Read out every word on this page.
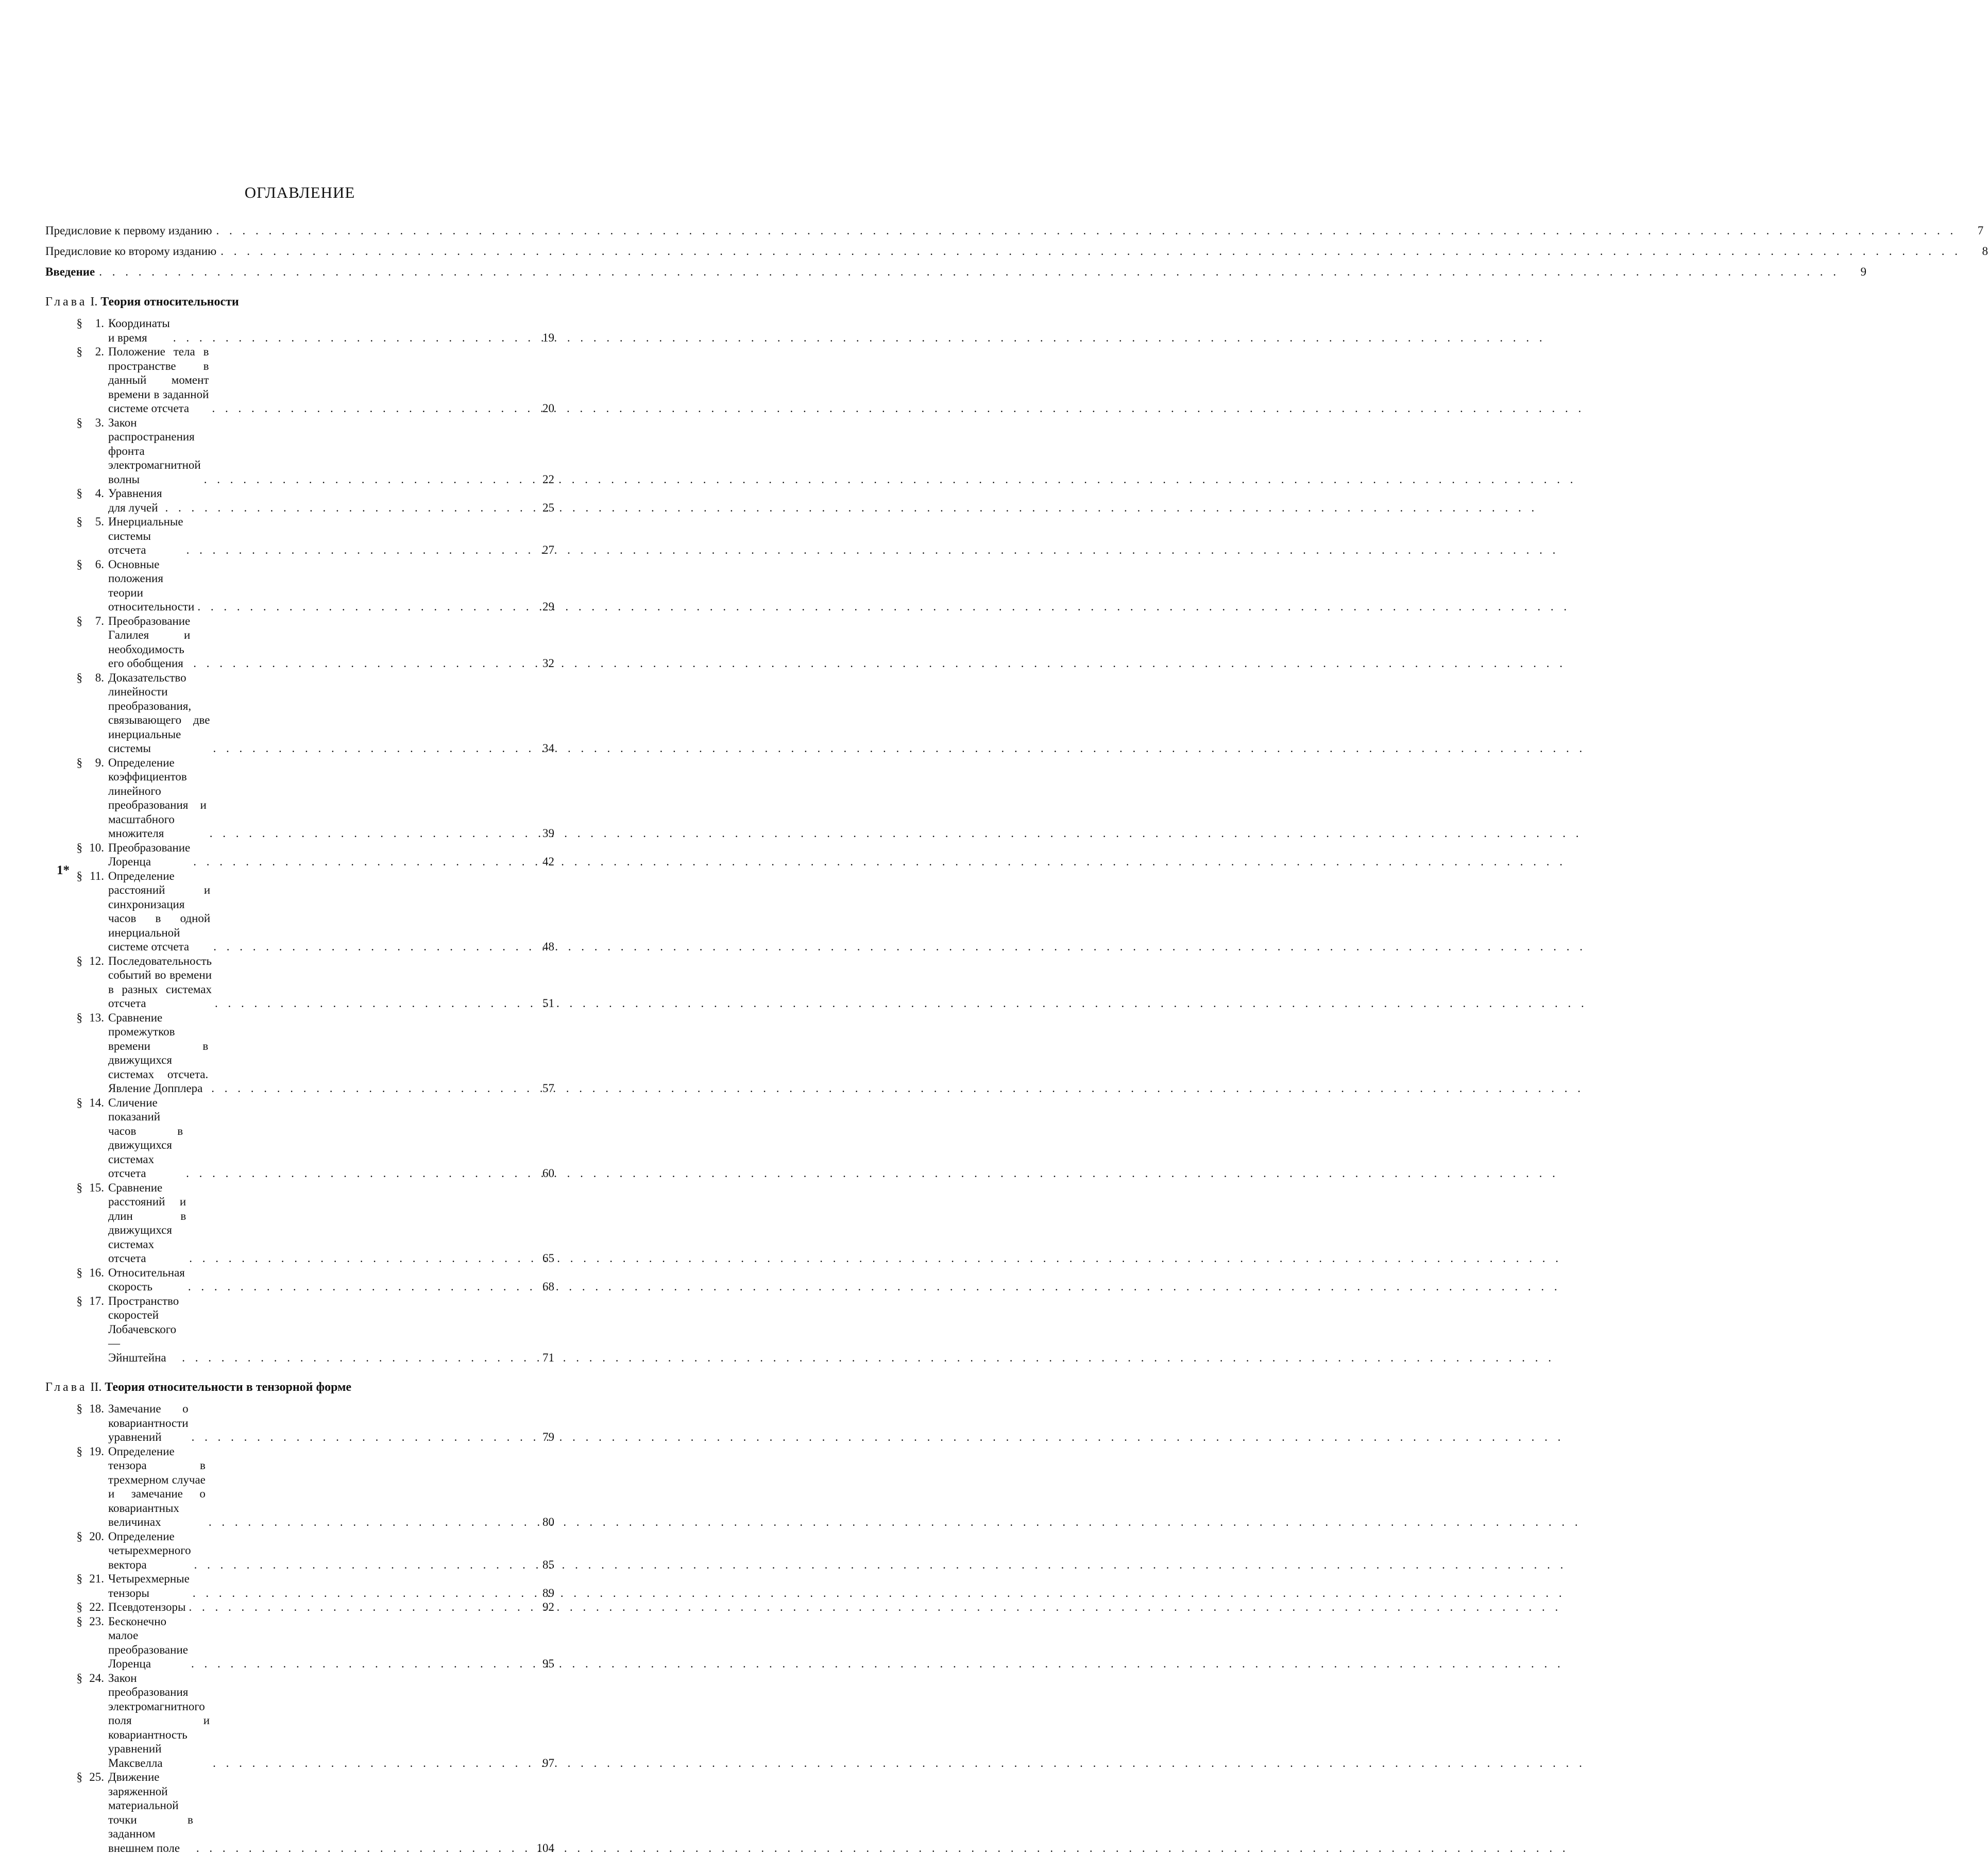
ОГЛАВЛЕНИЕ
Предисловие к первому изданию . . .	7
Предисловие ко второму изданию . . .	8
Введение . . .	9
Глава I. Теория относительности
§	1. Координаты и время . . .	19
§	2. Положение тела в пространстве в данный момент времени в заданной системе отсчета . . .	20
§	3. Закон распространения фронта электромагнитной волны . . .	22
§	4. Уравнения для лучей . . .	25
§	5. Инерциальные системы отсчета . . .	27
§	6. Основные положения теории относительности . . .	29
§	7. Преобразование Галилея и необходимость его обобщения . . .	32
§	8. Доказательство линейности преобразования, связывающего две инерциальные системы . . .	34
§	9. Определение коэффициентов линейного преобразования и масштабного множителя . . .	39
§ 10. Преобразование Лоренца . . .	42
§ 11. Определение расстояний и синхронизация часов в одной инерциальной системе отсчета . . .	48
§ 12. Последовательность событий во времени в разных системах отсчета . . .	51
§ 13. Сравнение промежутков времени в движущихся системах отсчета. Явление Допплера . . .	57
§ 14. Сличение показаний часов в движущихся системах отсчета . . .	60
§ 15. Сравнение расстояний и длин в движущихся системах отсчета . . .	65
§ 16. Относительная скорость . . .	68
§ 17. Пространство скоростей Лобачевского — Эйнштейна . . .	71
Глава II. Теория относительности в тензорной форме
§ 18. Замечание о ковариантности уравнений . . .	79
§ 19. Определение тензора в трехмерном случае и замечание о ковариантных величинах . . .	80
§ 20. Определение четырехмерного вектора . . .	85
§ 21. Четырехмерные тензоры . . .	89
§ 22. Псевдотензоры . . .	92
§ 23. Бесконечно малое преобразование Лоренца . . .	95
§ 24. Закон преобразования электромагнитного поля и ковариантность уравнений Максвелла . . .	97
§ 25. Движение заряженной материальной точки в заданном внешнем поле . . .	104
1*
